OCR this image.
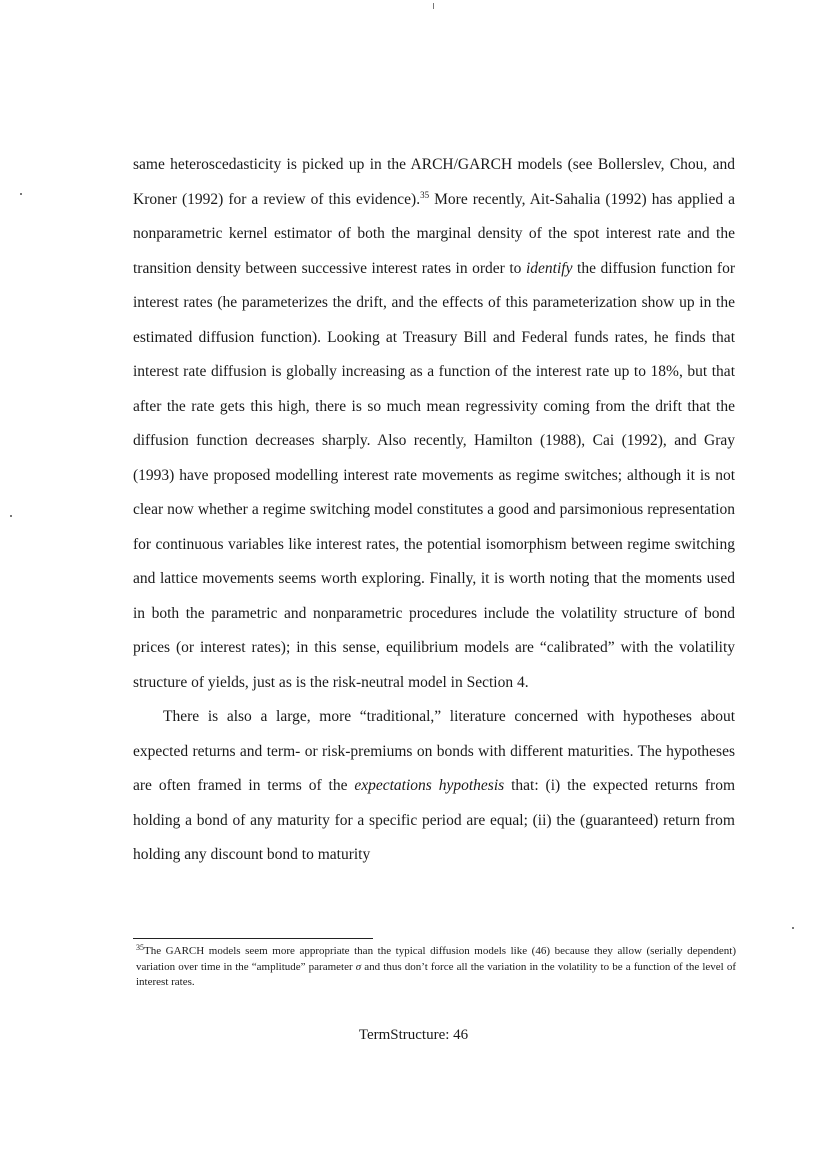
same heteroscedasticity is picked up in the ARCH/GARCH models (see Bollerslev, Chou, and Kroner (1992) for a review of this evidence).$^{35}$ More recently, Ait-Sahalia (1992) has applied a nonparametric kernel estimator of both the marginal density of the spot interest rate and the transition density between successive interest rates in order to identify the diffusion function for interest rates (he parameterizes the drift, and the effects of this parameterization show up in the estimated diffusion function). Looking at Treasury Bill and Federal funds rates, he finds that interest rate diffusion is globally increasing as a function of the interest rate up to 18%, but that after the rate gets this high, there is so much mean regressivity coming from the drift that the diffusion function decreases sharply. Also recently, Hamilton (1988), Cai (1992), and Gray (1993) have proposed modelling interest rate movements as regime switches; although it is not clear now whether a regime switching model constitutes a good and parsimonious representation for continuous variables like interest rates, the potential isomorphism between regime switching and lattice movements seems worth exploring. Finally, it is worth noting that the moments used in both the parametric and nonparametric procedures include the volatility structure of bond prices (or interest rates); in this sense, equilibrium models are “calibrated” with the volatility structure of yields, just as is the risk-neutral model in Section 4.

There is also a large, more “traditional,” literature concerned with hypotheses about expected returns and term- or risk-premiums on bonds with different maturities. The hypotheses are often framed in terms of the expectations hypothesis that: (i) the expected returns from holding a bond of any maturity for a specific period are equal; (ii) the (guaranteed) return from holding any discount bond to maturity

$^{35}$The GARCH models seem more appropriate than the typical diffusion models like (46) because they allow (serially dependent) variation over time in the “amplitude” parameter σ and thus don’t force all the variation in the volatility to be a function of the level of interest rates.

TermStructure: 46
